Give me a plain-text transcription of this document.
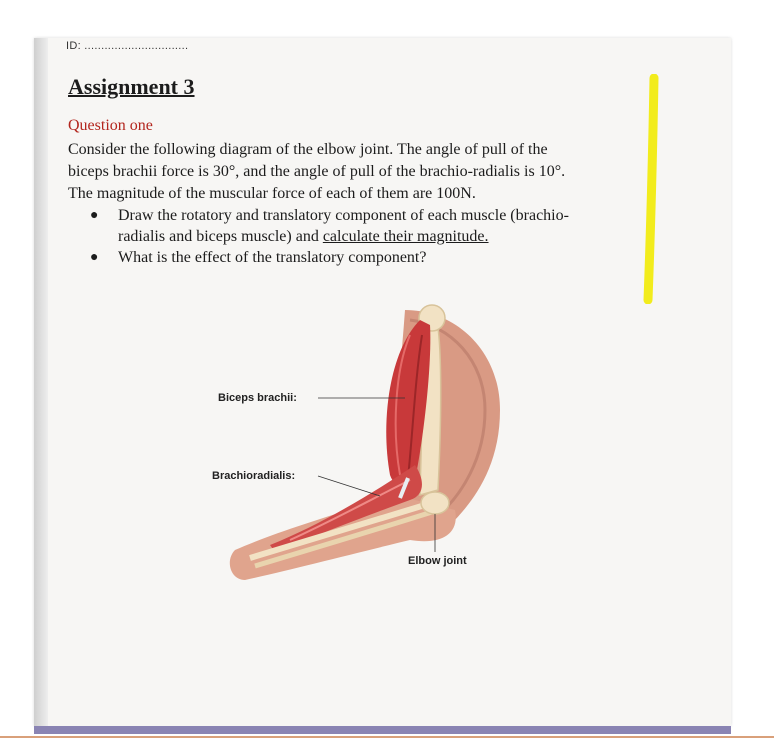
ID: ...............................
Assignment 3
Question one
Consider the following diagram of the elbow joint. The angle of pull of the
biceps brachii force is 30°, and the angle of pull of the brachio-radialis is 10°.
The magnitude of the muscular force of each of them are 100N.
●	Draw the rotatory and translatory component of each muscle (brachio-
radialis and biceps muscle) and calculate their magnitude.
●	What is the effect of the translatory component?
Biceps brachii:
Brachioradialis:
Elbow joint
